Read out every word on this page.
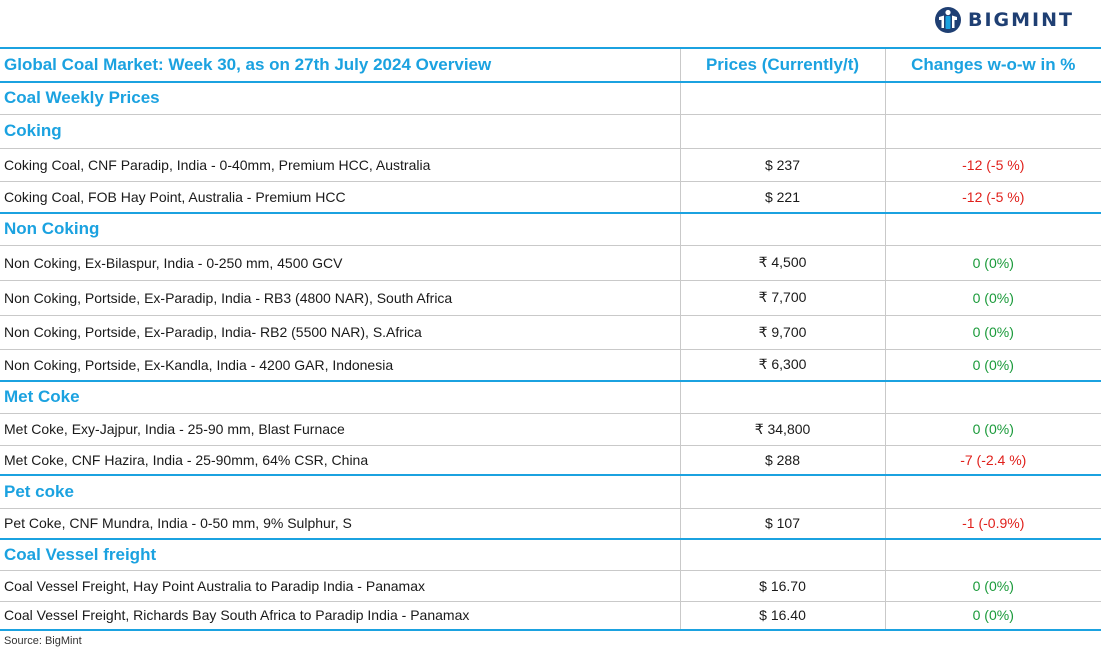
BIGMINT
Global Coal Market: Week 30, as on 27th July 2024 Overview	Prices (Currently/t)	Changes w-o-w in %
Coal Weekly Prices		
Coking		
Coking Coal, CNF Paradip, India - 0-40mm, Premium HCC, Australia	$ 237	-12 (-5 %)
Coking Coal, FOB Hay Point, Australia - Premium HCC	$ 221	-12 (-5 %)
Non Coking		
Non Coking, Ex-Bilaspur, India - 0-250 mm, 4500 GCV	₹ 4,500	0 (0%)
Non Coking, Portside, Ex-Paradip, India - RB3 (4800 NAR), South Africa	₹ 7,700	0 (0%)
Non Coking, Portside, Ex-Paradip, India- RB2 (5500 NAR), S.Africa	₹ 9,700	0 (0%)
Non Coking, Portside, Ex-Kandla, India - 4200 GAR, Indonesia	₹ 6,300	0 (0%)
Met Coke		
Met Coke, Exy-Jajpur, India - 25-90 mm, Blast Furnace	₹ 34,800	0 (0%)
Met Coke, CNF Hazira, India - 25-90mm, 64% CSR, China	$ 288	-7 (-2.4 %)
Pet coke		
Pet Coke, CNF Mundra, India - 0-50 mm, 9% Sulphur, S	$ 107	-1 (-0.9%)
Coal Vessel freight		
Coal Vessel Freight, Hay Point Australia to Paradip India - Panamax	$ 16.70	0 (0%)
Coal Vessel Freight, Richards Bay South Africa to Paradip India - Panamax	$ 16.40	0 (0%)
Source: BigMint
